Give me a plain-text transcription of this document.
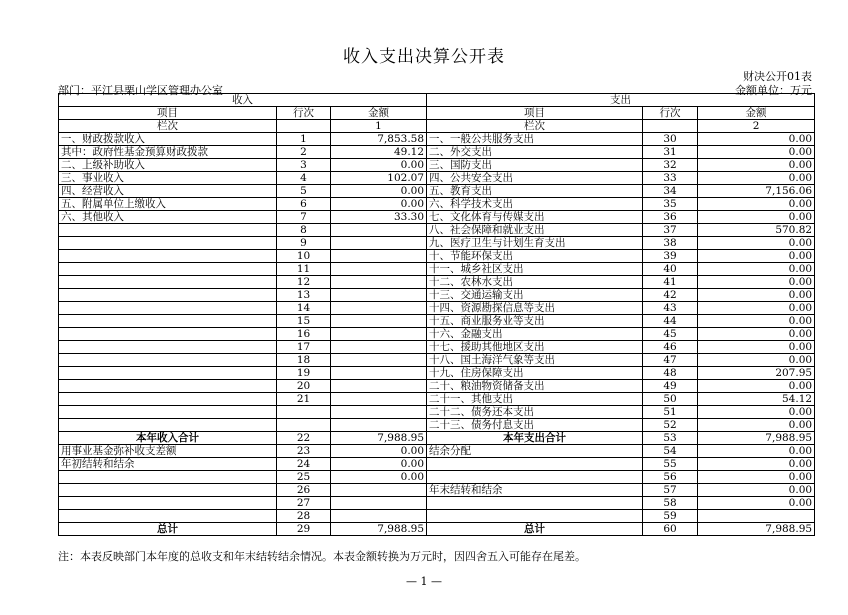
收入支出决算公开表
财决公开01表
部门：平江县栗山学区管理办公室	金额单位：万元
收入			支出		
项目	行次	金额	项目	行次	金额
栏次		1	栏次		2
一、财政拨款收入	1	7,853.58	一、一般公共服务支出	30	0.00
其中：政府性基金预算财政拨款	2	49.12	二、外交支出	31	0.00
二、上级补助收入	3	0.00	三、国防支出	32	0.00
三、事业收入	4	102.07	四、公共安全支出	33	0.00
四、经营收入	5	0.00	五、教育支出	34	7,156.06
五、附属单位上缴收入	6	0.00	六、科学技术支出	35	0.00
六、其他收入	7	33.30	七、文化体育与传媒支出	36	0.00
	8		八、社会保障和就业支出	37	570.82
	9		九、医疗卫生与计划生育支出	38	0.00
	10		十、节能环保支出	39	0.00
	11		十一、城乡社区支出	40	0.00
	12		十二、农林水支出	41	0.00
	13		十三、交通运输支出	42	0.00
	14		十四、资源勘探信息等支出	43	0.00
	15		十五、商业服务业等支出	44	0.00
	16		十六、金融支出	45	0.00
	17		十七、援助其他地区支出	46	0.00
	18		十八、国土海洋气象等支出	47	0.00
	19		十九、住房保障支出	48	207.95
	20		二十、粮油物资储备支出	49	0.00
	21		二十一、其他支出	50	54.12
			二十二、债务还本支出	51	0.00
			二十三、债务付息支出	52	0.00
本年收入合计	22	7,988.95	本年支出合计	53	7,988.95
用事业基金弥补收支差额	23	0.00	结余分配	54	0.00
年初结转和结余	24	0.00		55	0.00
	25	0.00		56	0.00
	26		年末结转和结余	57	0.00
	27			58	0.00
	28			59	
总计	29	7,988.95	总计	60	7,988.95
注：本表反映部门本年度的总收支和年末结转结余情况。本表金额转换为万元时，因四舍五入可能存在尾差。
— 1 —
